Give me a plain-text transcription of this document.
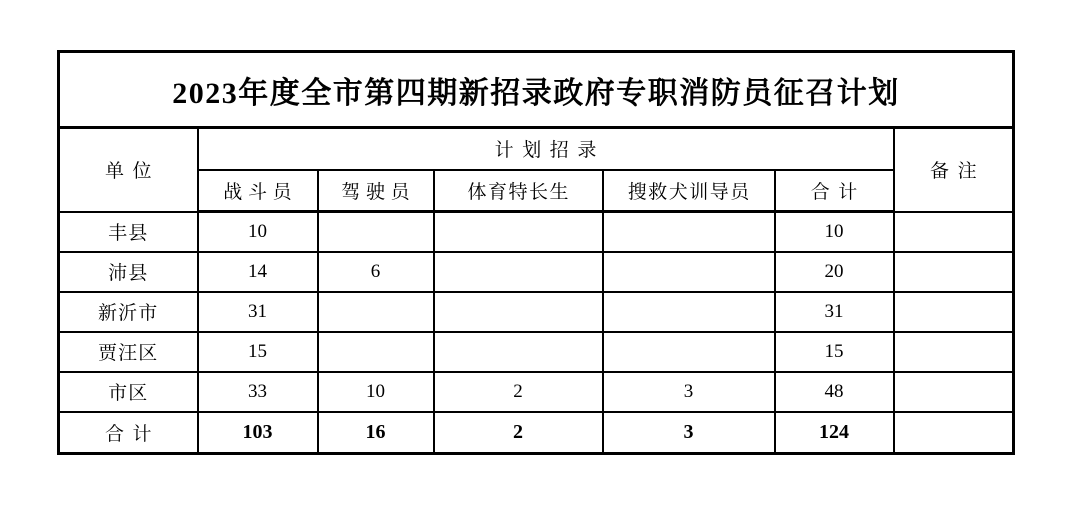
2023年度全市第四期新招录政府专职消防员征召计划						
单位	计划招录					备注
	战斗员	驾驶员	体育特长生	搜救犬训导员	合计	
丰县	10				10	
沛县	14	6			20	
新沂市	31				31	
贾汪区	15				15	
市区	33	10	2	3	48	
合计	103	16	2	3	124	
